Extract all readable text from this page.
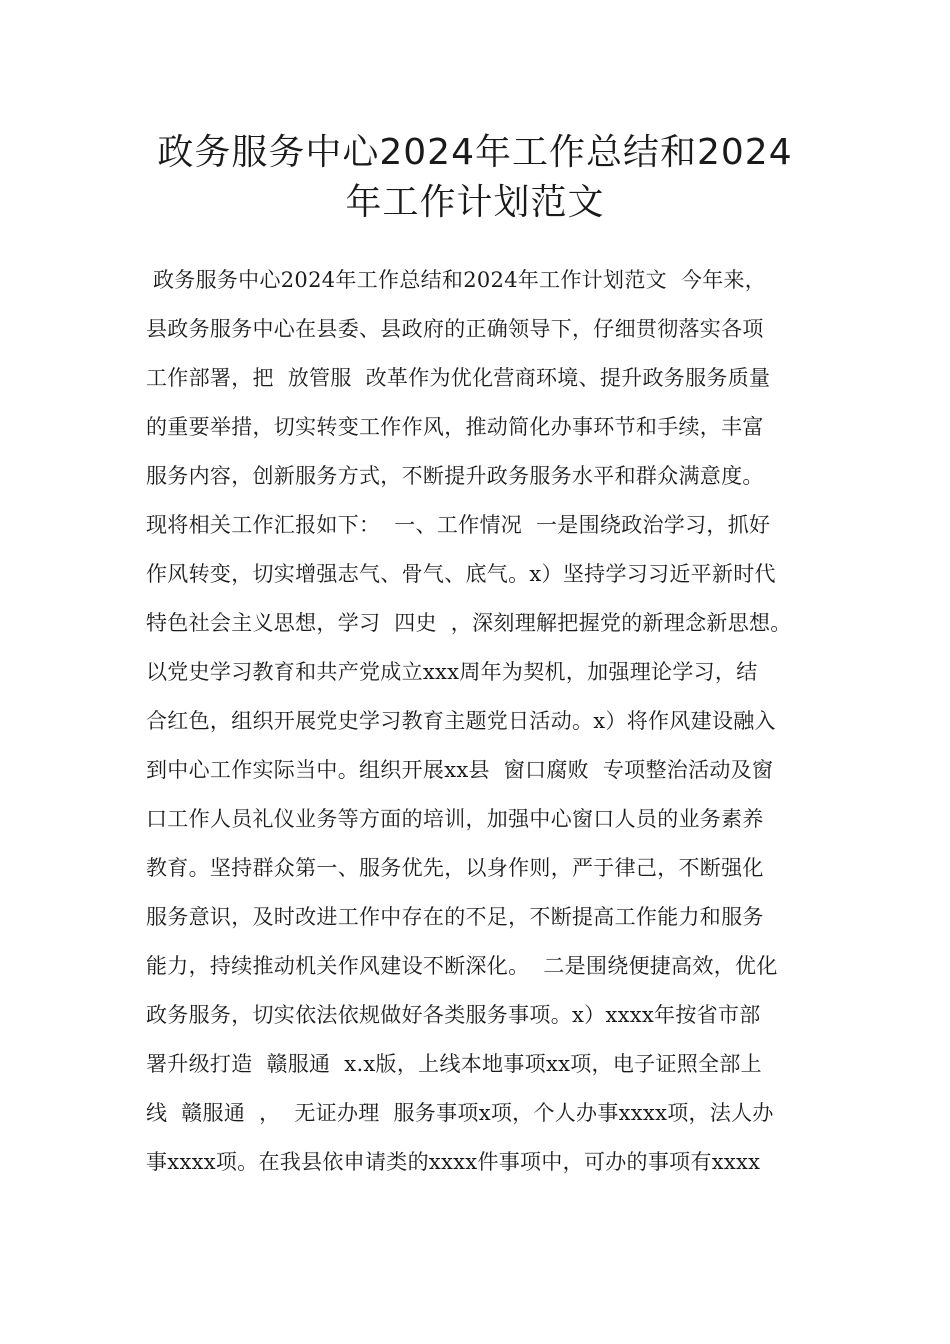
政务服务中心2024年工作总结和2024
年工作计划范文
政务服务中心2024年工作总结和2024年工作计划范文  今年来，
县政务服务中心在县委、县政府的正确领导下，仔细贯彻落实各项
工作部署，把  放管服  改革作为优化营商环境、提升政务服务质量
的重要举措，切实转变工作作风，推动简化办事环节和手续，丰富
服务内容，创新服务方式，不断提升政务服务水平和群众满意度。
现将相关工作汇报如下：  一、工作情况  一是围绕政治学习，抓好
作风转变，切实增强志气、骨气、底气。x）坚持学习习近平新时代
特色社会主义思想，学习  四史  ，深刻理解把握党的新理念新思想。
以党史学习教育和共产党成立xxx周年为契机，加强理论学习，结
合红色，组织开展党史学习教育主题党日活动。x）将作风建设融入
到中心工作实际当中。组织开展xx县  窗口腐败  专项整治活动及窗
口工作人员礼仪业务等方面的培训，加强中心窗口人员的业务素养
教育。坚持群众第一、服务优先，以身作则，严于律己，不断强化
服务意识，及时改进工作中存在的不足，不断提高工作能力和服务
能力，持续推动机关作风建设不断深化。  二是围绕便捷高效，优化
政务服务，切实依法依规做好各类服务事项。x）xxxx年按省市部
署升级打造  赣服通  x.x版，上线本地事项xx项，电子证照全部上
线  赣服通  ，  无证办理  服务事项x项，个人办事xxxx项，法人办
事xxxx项。在我县依申请类的xxxx件事项中，可办的事项有xxxx
